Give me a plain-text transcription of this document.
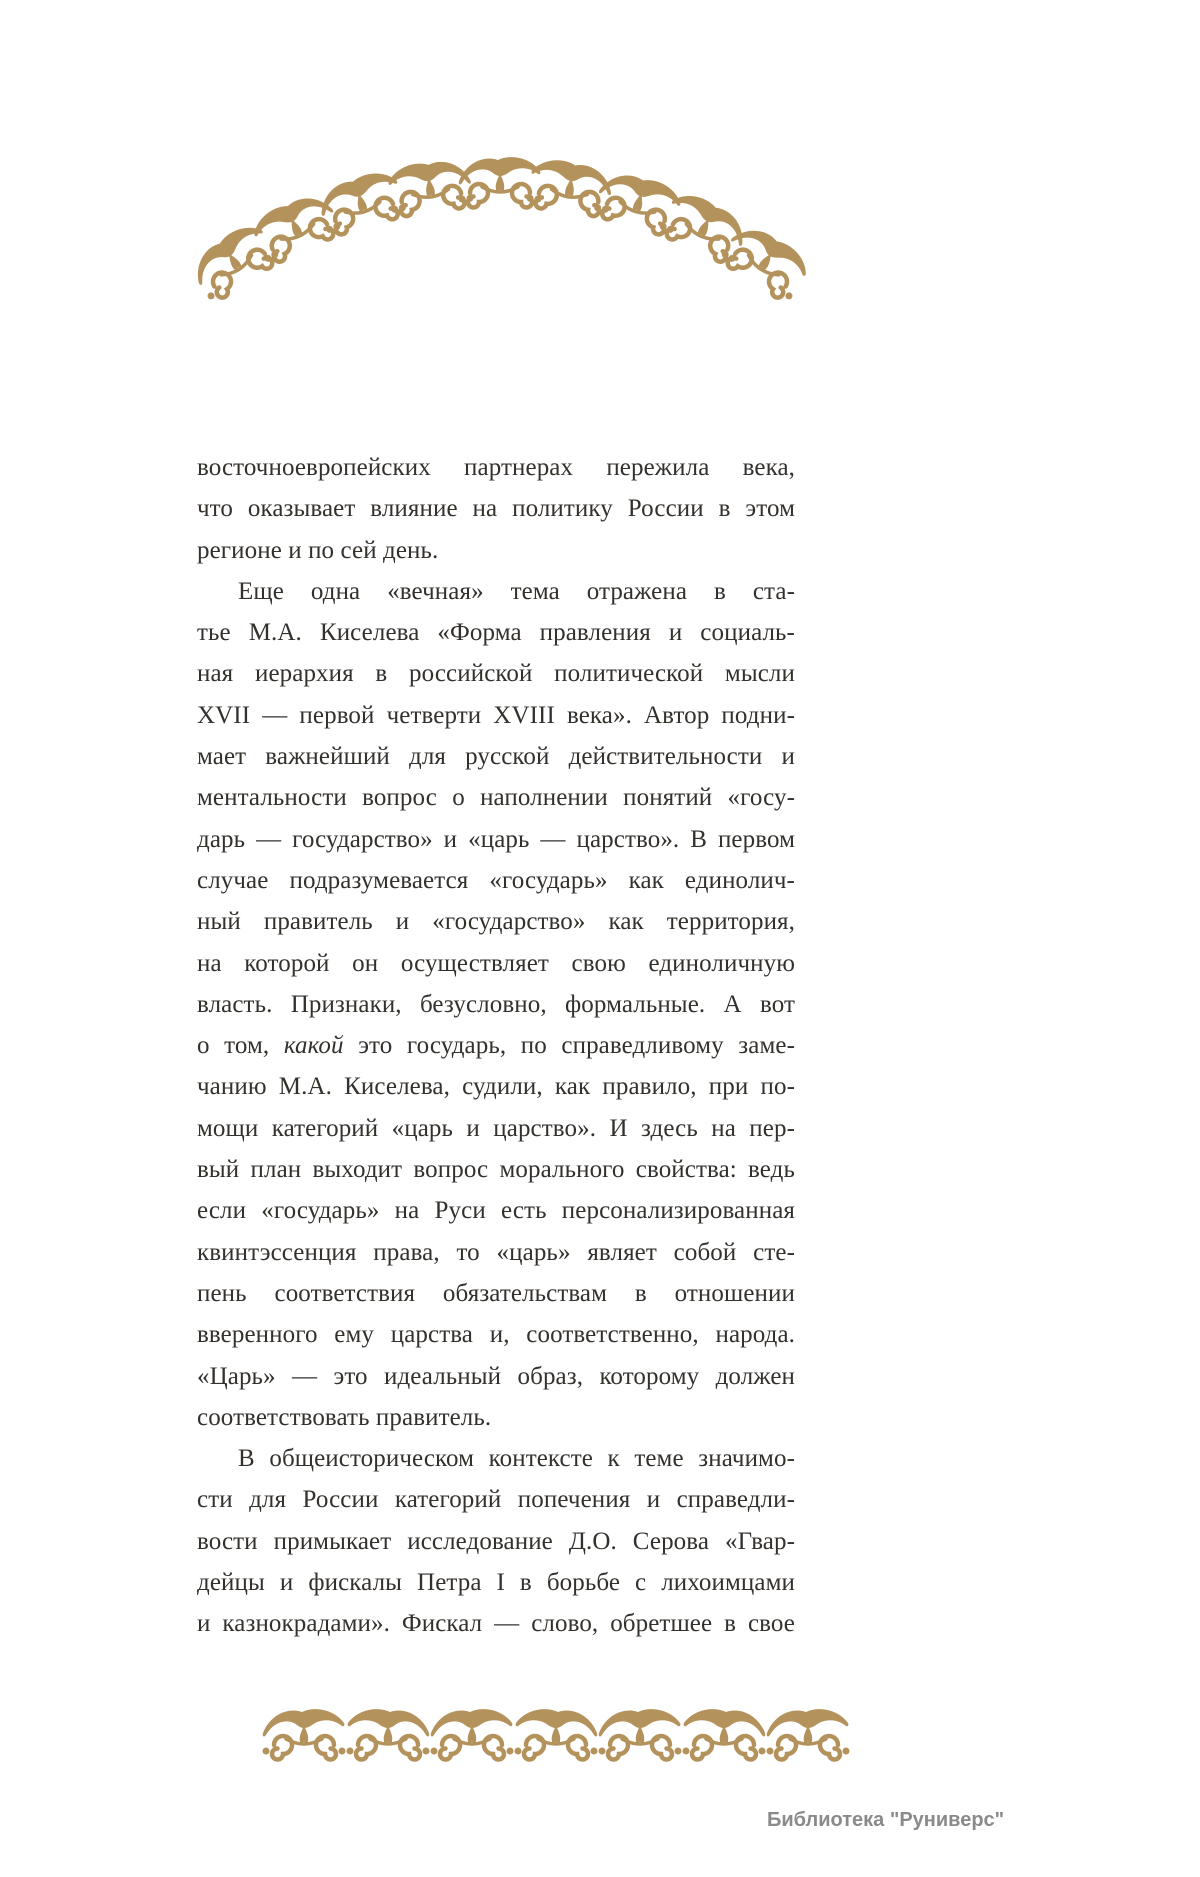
восточноевропейских партнерах пережила века,
что оказывает влияние на политику России в этом
регионе и по сей день.
Еще одна «вечная» тема отражена в ста-
тье М.А. Киселева «Форма правления и социаль-
ная иерархия в российской политической мысли
XVII — первой четверти XVIII века». Автор подни-
мает важнейший для русской действительности и
ментальности вопрос о наполнении понятий «госу-
дарь — государство» и «царь — царство». В первом
случае подразумевается «государь» как единолич-
ный правитель и «государство» как территория,
на которой он осуществляет свою единоличную
власть. Признаки, безусловно, формальные. А вот
о том, какой это государь, по справедливому заме-
чанию М.А. Киселева, судили, как правило, при по-
мощи категорий «царь и царство». И здесь на пер-
вый план выходит вопрос морального свойства: ведь
если «государь» на Руси есть персонализированная
квинтэссенция права, то «царь» являет собой сте-
пень соответствия обязательствам в отношении
вверенного ему царства и, соответственно, народа.
«Царь» — это идеальный образ, которому должен
соответствовать правитель.
В общеисторическом контексте к теме значимо-
сти для России категорий попечения и справедли-
вости примыкает исследование Д.О. Серова «Гвар-
дейцы и фискалы Петра I в борьбе с лихоимцами
и казнокрадами». Фискал — слово, обретшее в свое
Библиотека "Руниверс"
